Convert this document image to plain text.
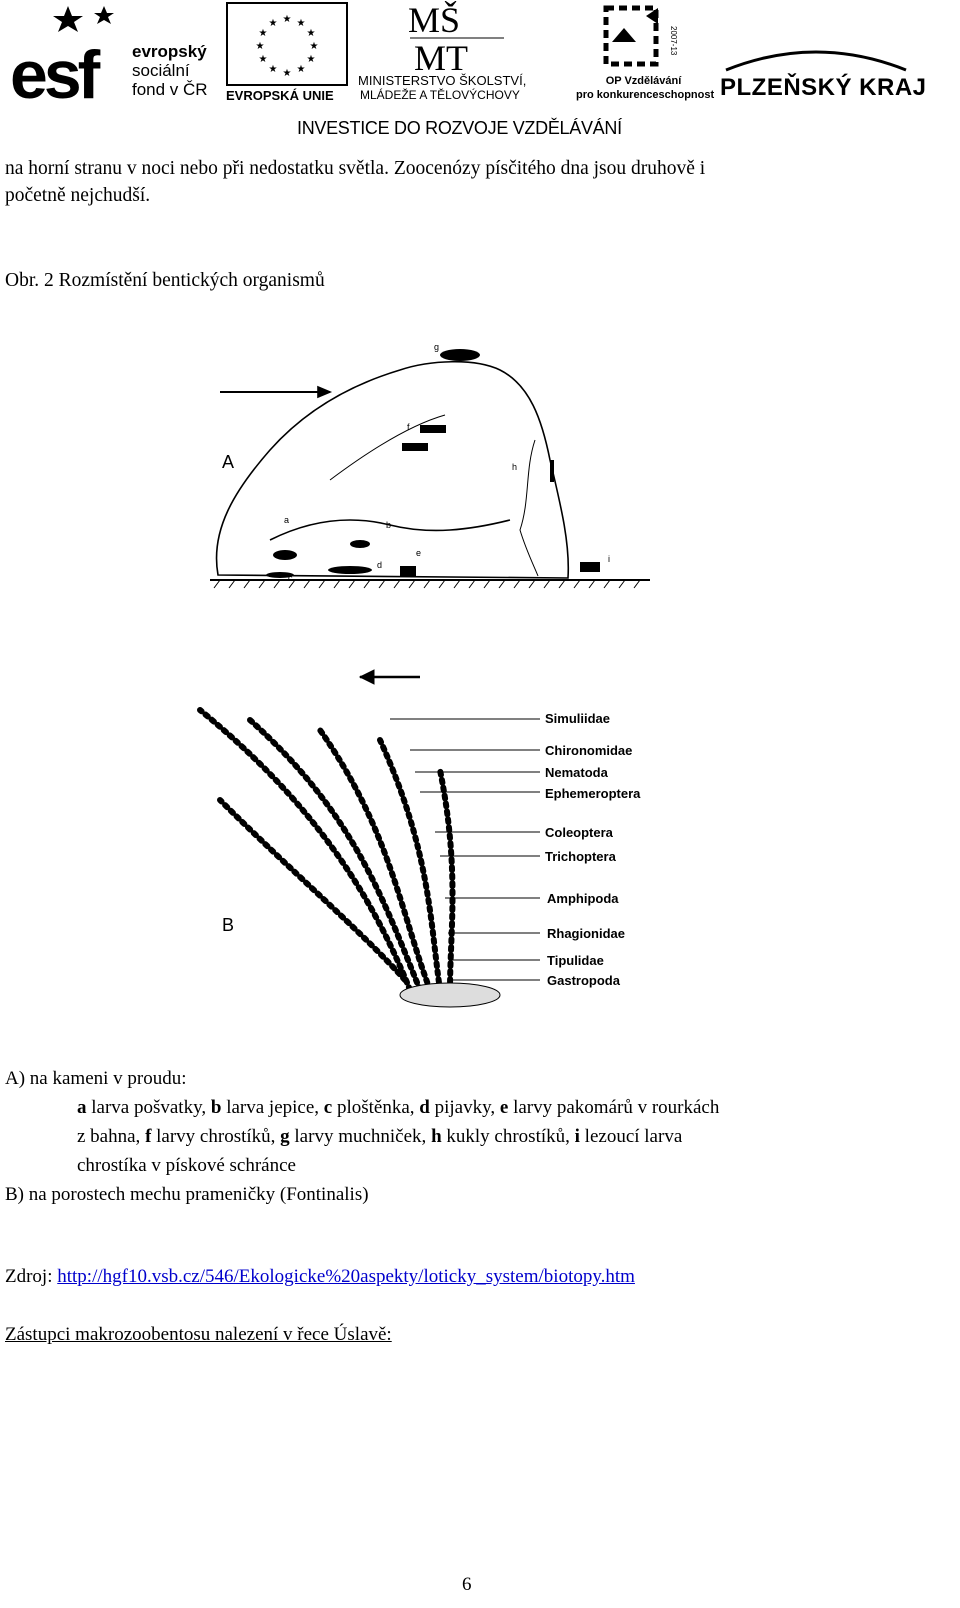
esf evropský
sociální
fond v ČR
★ ★
★
★
★
★
★
★
★
★
★
★
EVROPSKÁ UNIE
MŠ
MT
MINISTERSTVO ŠKOLSTVÍ,
MLÁDEŽE A TĚLOVÝCHOVY
2007-13
OP Vzdělávání
pro konkurenceschopnost PLZEŇSKÝ KRAJ
INVESTICE DO ROZVOJE VZDĚLÁVÁNÍ
na horní stranu v noci nebo při nedostatku světla. Zoocenózy písčitého dna jsou druhově i
početně nejchudší.
Obr. 2 Rozmístění bentických organismů
A
B
a	b
c
d
e
f
g
h
i
Simuliidae
Chironomidae
Nematoda
Ephemeroptera
Coleoptera
Trichoptera
Amphipoda
Rhagionidae
Tipulidae
Gastropoda
A) na kameni v proudu:
a larva pošvatky, b larva jepice, c ploštěnka, d pijavky, e larvy pakomárů v rourkách
z bahna, f larvy chrostíků, g larvy muchniček, h kukly chrostíků, i lezoucí larva
chrostíka v pískové schránce
B) na porostech mechu prameničky (Fontinalis)
Zdroj: http://hgf10.vsb.cz/546/Ekologicke%20aspekty/loticky_system/biotopy.htm
Zástupci makrozoobentosu nalezení v řece Úslavě:
6
